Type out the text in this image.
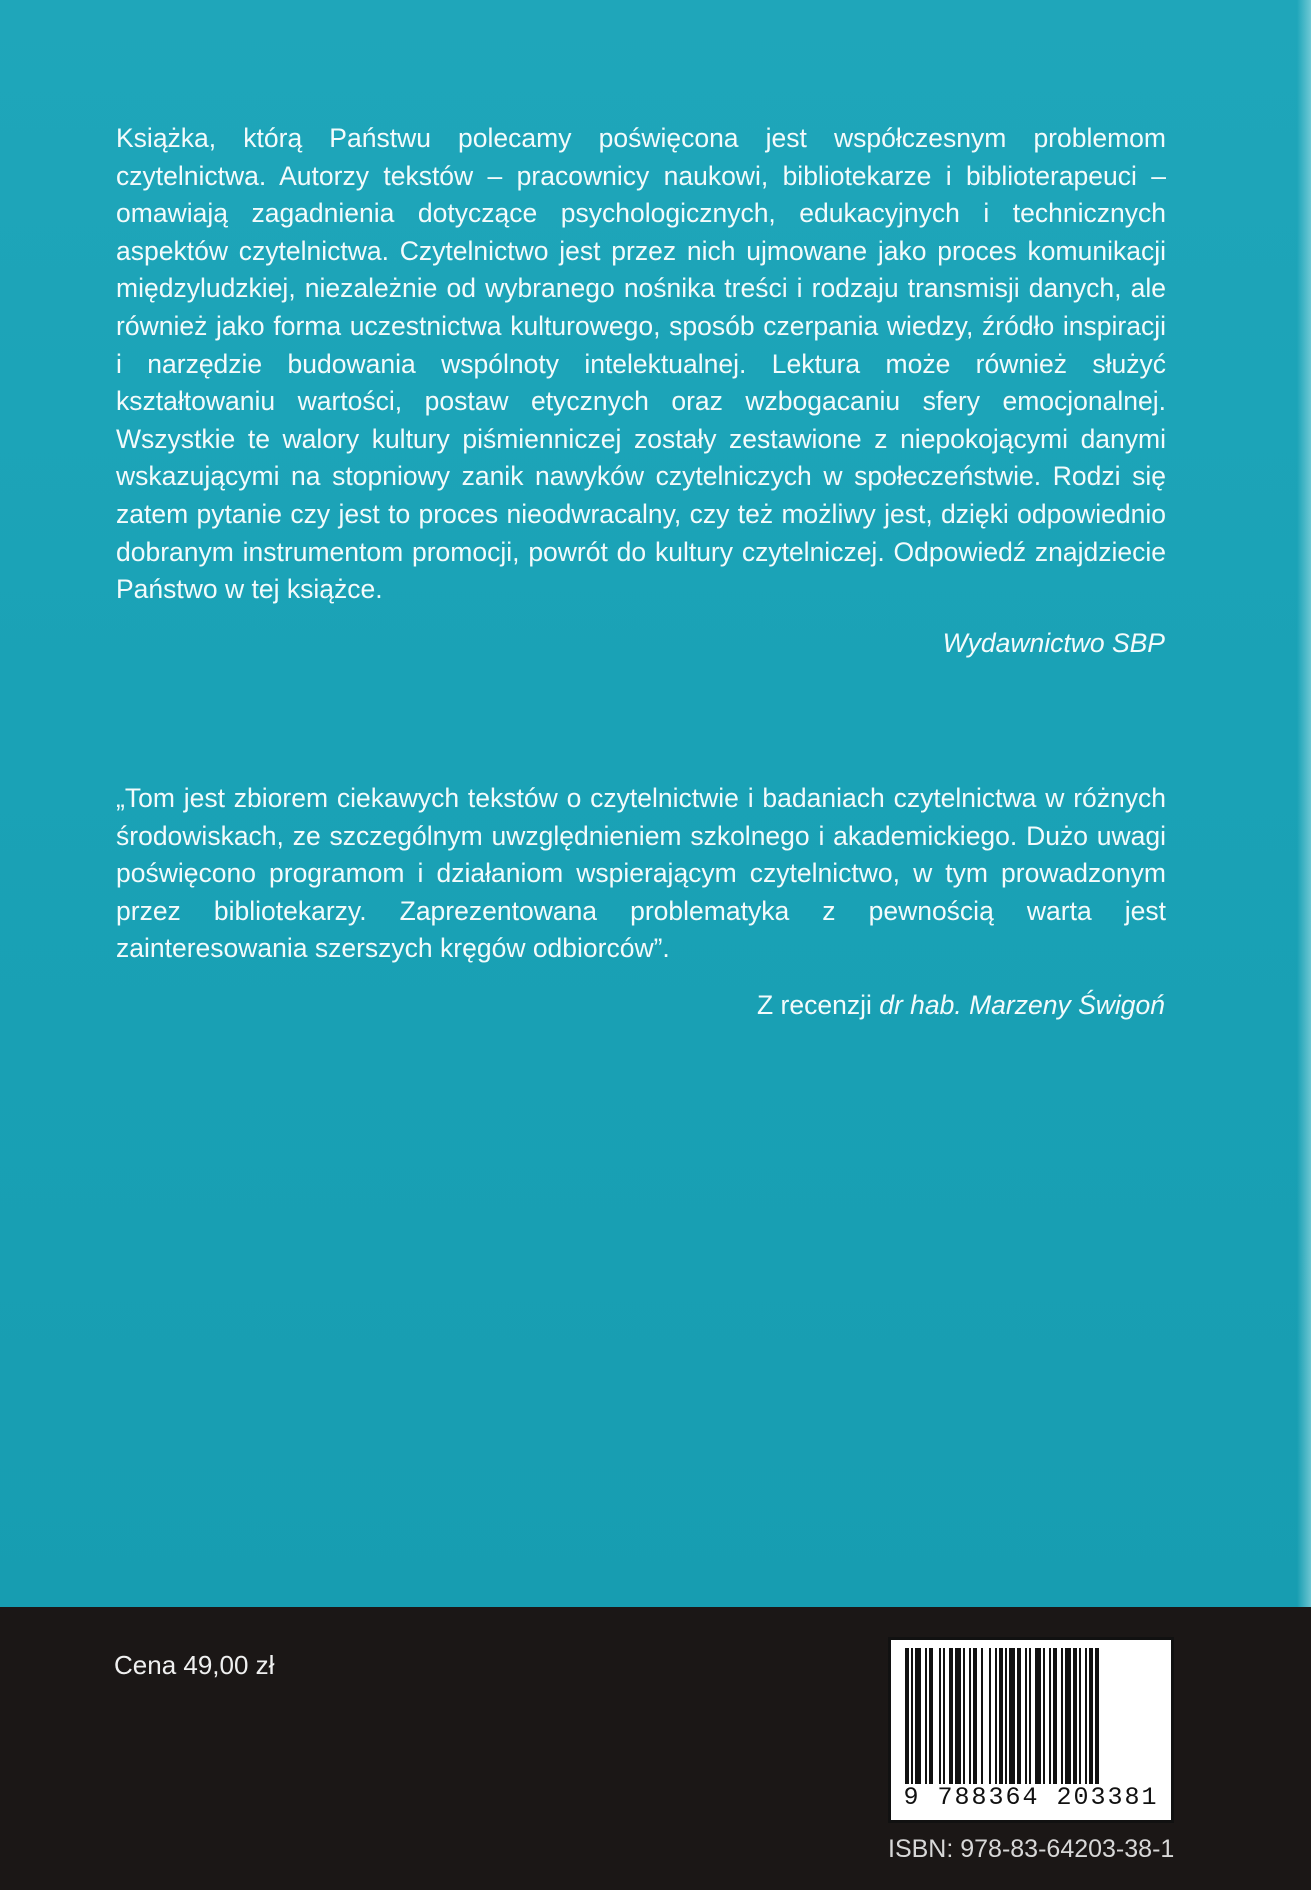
Książka, którą Państwu polecamy poświęcona jest współczesnym problemom czytelnictwa. Autorzy tekstów – pracownicy naukowi, bibliotekarze i biblioterapeuci – omawiają zagadnienia dotyczące psychologicznych, edukacyjnych i technicznych aspektów czytelnictwa. Czytelnictwo jest przez nich ujmowane jako proces komunikacji międzyludzkiej, niezależnie od wybranego nośnika treści i rodzaju transmisji danych, ale również jako forma uczestnictwa kulturowego, sposób czerpania wiedzy, źródło inspiracji i narzędzie budowania wspólnoty intelektualnej. Lektura może również służyć kształtowaniu wartości, postaw etycznych oraz wzbogacaniu sfery emocjonalnej. Wszystkie te walory kultury piśmienniczej zostały zestawione z niepokojącymi danymi wskazującymi na stopniowy zanik nawyków czytelniczych w społeczeństwie. Rodzi się zatem pytanie czy jest to proces nieodwracalny, czy też możliwy jest, dzięki odpowiednio dobranym instrumentom promocji, powrót do kultury czytelniczej. Odpowiedź znajdziecie Państwo w tej książce.

Wydawnictwo SBP

„Tom jest zbiorem ciekawych tekstów o czytelnictwie i badaniach czytelnictwa w różnych środowiskach, ze szczególnym uwzględnieniem szkolnego i akademickiego. Dużo uwagi poświęcono programom i działaniom wspierającym czytelnictwo, w tym prowadzonym przez bibliotekarzy. Zaprezentowana problematyka z pewnością warta jest zainteresowania szerszych kręgów odbiorców”.

Z recenzji dr hab. Marzeny Świgoń

Cena 49,00 zł
9 788364 203381
ISBN: 978-83-64203-38-1
